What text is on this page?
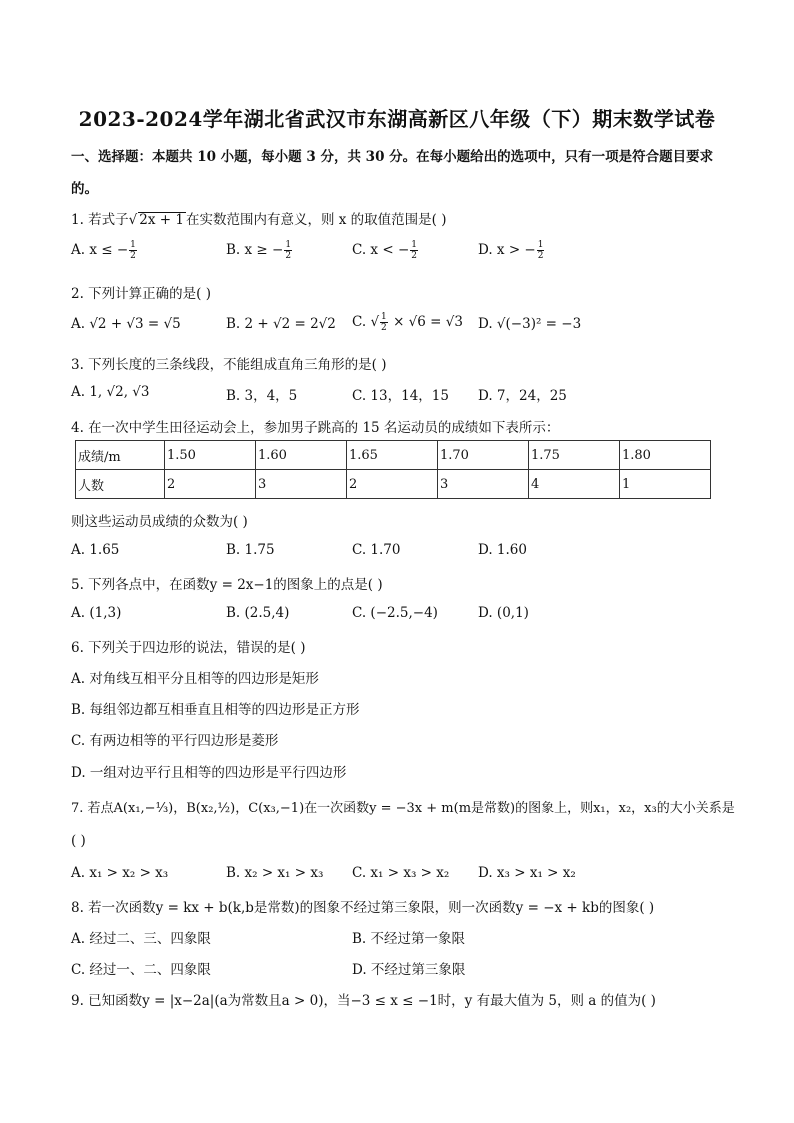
2023-2024学年湖北省武汉市东湖高新区八年级（下）期末数学试卷
一、选择题：本题共 10 小题，每小题 3 分，共 30 分。在每小题给出的选项中，只有一项是符合题目要求
的。
1. 若式子√ 2x + 1 在实数范围内有意义，则 x 的取值范围是( )
A. x ≤ − $\frac{1}{2}$	B. x ≥ − $\frac{1}{2}$	C. x < − $\frac{1}{2}$	D. x > − $\frac{1}{2}$
2. 下列计算正确的是( )
A. √2 + √3 = √5	B. 2 + √2 = 2√2 C. √ $\frac{1}{2} \times √6 = √3$ D. √(−3)² = −3
3. 下列长度的三条线段，不能组成直角三角形的是( )
A. 1, √2, √3	B. 3，4，5	C. 13，14，15 D. 7，24，25
4. 在一次中学生田径运动会上，参加男子跳高的 15 名运动员的成绩如下表所示：
成绩/m	1.50	1.60	1.65	1.70	1.75	1.80
人数	2	3	2	3	4	1
则这些运动员成绩的众数为( )
A. 1.65	B. 1.75	C. 1.70	D. 1.60
5. 下列各点中，在函数y = 2x−1的图象上的点是( )
A. (1,3)	B. (2.5,4)	C. (−2.5,−4)	D. (0,1)
6. 下列关于四边形的说法，错误的是( )
A. 对角线互相平分且相等的四边形是矩形
B. 每组邻边都互相垂直且相等的四边形是正方形
C. 有两边相等的平行四边形是菱形
D. 一组对边平行且相等的四边形是平行四边形
7. 若点A(x₁,−⅓)，B(x₂,½)，C(x₃,−1)在一次函数y = −3x + m(m是常数)的图象上，则x₁，x₂，x₃的大小关系是
( )
A. x₁ > x₂ > x₃	B. x₂ > x₁ > x₃ C. x₁ > x₃ > x₂ D. x₃ > x₁ > x₂
8. 若一次函数y = kx + b(k,b是常数)的图象不经过第三象限，则一次函数y = −x + kb的图象( )
A. 经过二、三、四象限	B. 不经过第一象限
C. 经过一、二、四象限	D. 不经过第三象限
9. 已知函数y = |x−2a|(a为常数且a > 0)，当−3 ≤ x ≤ −1时，y 有最大值为 5，则 a 的值为( )
